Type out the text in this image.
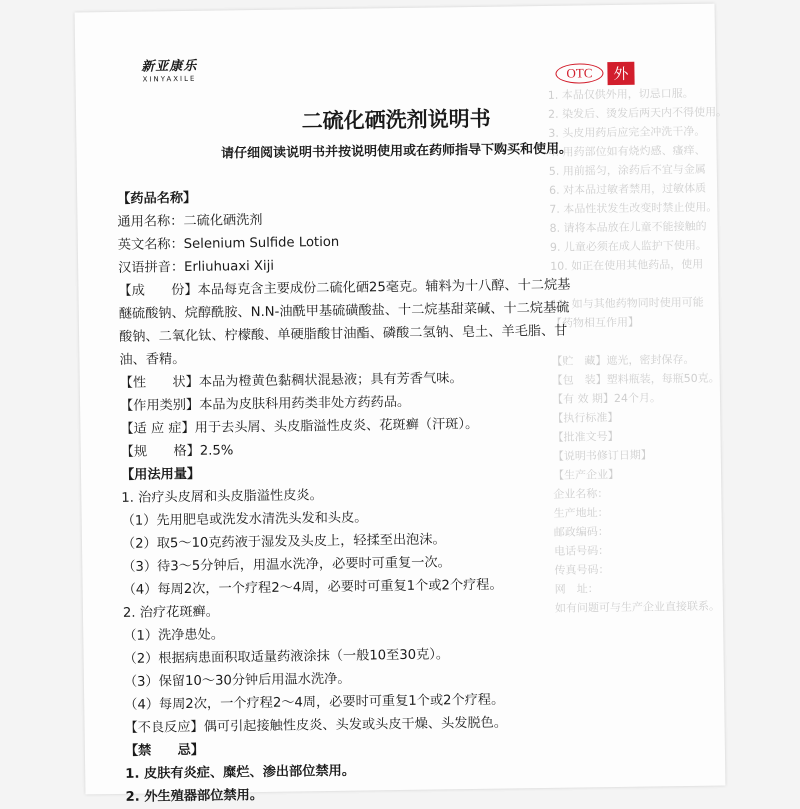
1. 本品仅供外用，切忌口服。
2. 染发后、烫发后两天内不得使用。
3. 头皮用药后应完全冲洗干净。
4. 用药部位如有烧灼感、瘙痒、
5. 用前摇匀，涂药后不宜与金属
6. 对本品过敏者禁用，过敏体质
7. 本品性状发生改变时禁止使用。
8. 请将本品放在儿童不能接触的
9. 儿童必须在成人监护下使用。
10. 如正在使用其他药品，使用

11. 如与其他药物同时使用可能
【药物相互作用】

【贮　藏】遮光，密封保存。
【包　装】塑料瓶装，每瓶50克。
【有 效 期】24个月。
【执行标准】
【批准文号】
【说明书修订日期】
【生产企业】
企业名称：
生产地址：
邮政编码：
电话号码：
传真号码：
网　址：
如有问题可与生产企业直接联系。
新亚康乐
XINYAXILE	OTC	外
二硫化硒洗剂说明书
请仔细阅读说明书并按说明使用或在药师指导下购买和使用。

【药品名称】

通用名称：二硫化硒洗剂

英文名称：Selenium Sulfide Lotion

汉语拼音：Erliuhuaxi Xiji

【成　　份】本品每克含主要成份二硫化硒25毫克。辅料为十八醇、十二烷基

醚硫酸钠、烷醇酰胺、N.N-油酰甲基硫磺酸盐、十二烷基甜菜碱、十二烷基硫

酸钠、二氧化钛、柠檬酸、单硬脂酸甘油酯、磷酸二氢钠、皂土、羊毛脂、甘

油、香精。

【性　　状】本品为橙黄色黏稠状混悬液；具有芳香气味。

【作用类别】本品为皮肤科用药类非处方药药品。

【适 应 症】用于去头屑、头皮脂溢性皮炎、花斑癣（汗斑）。

【规　　格】2.5%

【用法用量】

1. 治疗头皮屑和头皮脂溢性皮炎。

（1）先用肥皂或洗发水清洗头发和头皮。

（2）取5～10克药液于湿发及头皮上，轻揉至出泡沫。

（3）待3～5分钟后，用温水洗净，必要时可重复一次。

（4）每周2次，一个疗程2～4周，必要时可重复1个或2个疗程。

2. 治疗花斑癣。

（1）洗净患处。

（2）根据病患面积取适量药液涂抹（一般10至30克）。

（3）保留10～30分钟后用温水洗净。

（4）每周2次，一个疗程2～4周，必要时可重复1个或2个疗程。

【不良反应】偶可引起接触性皮炎、头发或头皮干燥、头发脱色。

【禁　　忌】

1. 皮肤有炎症、糜烂、渗出部位禁用。

2. 外生殖器部位禁用。
